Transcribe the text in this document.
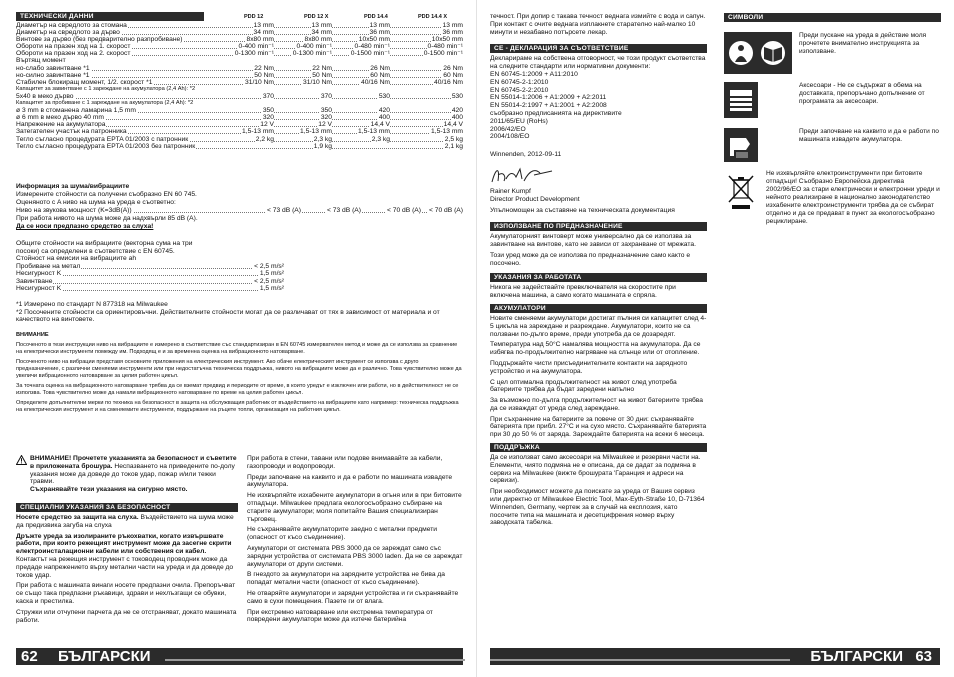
ТЕХНИЧЕСКИ ДАННИ	PDD 12	PDD 12 X	PDD 14.4	PDD 14.4 X
Диаметър на свредлото за стомана	13 mm	13 mm	13 mm	13 mm
Диаметър на свредлото за дърво	34 mm	34 mm	36 mm	36 mm
Винтове за дърво (без предварително разпробиване)	8x80 mm	8x80 mm	10x50 mm	10x50 mm
Обороти на празен ход на 1. скорост	0-400 min⁻¹	0-400 min⁻¹	0-480 min⁻¹	0-480 min⁻¹
Обороти на празен ход на 2. скорост	0-1300 min⁻¹	0-1300 min⁻¹	0-1500 min⁻¹	0-1500 min⁻¹
Въртящ момент
но-слабо завинтване *1	22 Nm	22 Nm	26 Nm	26 Nm
но-силно завинтване *1	50 Nm	50 Nm	60 Nm	60 Nm
Стабилен блокиращ момент, 1/2. скорост *1	31/10 Nm	31/10 Nm	40/16 Nm	40/16 Nm
Капацитет за завинтване с 1 зареждане на акумулатора (2,4 Ah): *2
5x40 в меко дърво	370	370	530	530
Капацитет за пробиване с 1 зареждане на акумулатора (2,4 Ah): *2
ø 3 mm в стоманена ламарина 1,5 mm	350	350	420	420
ø 6 mm в меко дърво 40 mm	320	320	400	400
Напрежение на акумулатора	12 V	12 V	14,4 V	14,4 V
Затегателен участък на патронника	1,5-13 mm	1,5-13 mm	1,5-13 mm	1,5-13 mm
Тегло съгласно процедурата EPTA 01/2003 с патронник	2,2 kg	2,3 kg	2,3 kg	2,5 kg
Тегло съгласно процедурата EPTA 01/2003 без патронник	1,9 kg	2,1 kg

Информация за шума/вибрациите

Измерените стойности са получени съобразно EN 60 745.
Оценяното с A ниво на шума на уреда е съответно:
Ниво на звукова мощност (K=3dB(A))	< 73 dB (A)	< 73 dB (A)	< 70 dB (A) < 70 dB (A)
При работа нивото на шума може да надхвърли 85 dB (A).
Да се носи предпазно средство за слуха!
Общите стойности на вибрациите (векторна сума на три
посоки) са определени в съответствие с EN 60745.
Стойност на емисии на вибрациите ah
Пробиване на метал	< 2,5 m/s²
Несигурност K	1,5 m/s²
Завинтване	< 2,5 m/s²
Несигурност K	1,5 m/s²
*1 Измерено по стандарт N 877318 на Milwaukee
*2 Посочените стойности са ориентировъчни. Действителните стойности могат да се различават от тях в зависимост от материала и от качеството на винтовете.
ВНИМАНИЕ

Посоченото в тези инструкции ниво на вибрациите е измерено в съответствие със стандартизиран в EN 60745 измервателен метод и може да се използва за сравнение на електрически инструменти помежду им. Подходящ е и за временна оценка на вибрационното натоварване.

Посоченото ниво на вибрации представя основните приложения на електрическия инструмент. Ако обаче електрическият инструмент се използва с друго предназначение, с различни сменяеми инструменти или при недостатъчна техническа поддръжка, нивото на вибрациите може да е различно. Това чувствително може да увеличи вибрационното натоварване за целия работен цикъл.

За точната оценка на вибрационното натоварване трябва да се вземат предвид и периодите от време, в които уредът е изключен или работи, но в действителност не се използва. Това чувствително може да намали вибрационното натоварване по време на целия работен цикъл.

Определете допълнителни мерки по техника на безопасност в защита на обслужващия работник от въздействието на вибрациите като например: техническа поддръжка на електрическия инструмент и на сменяемите инструменти, поддържане на ръцете топли, организация на работния цикъл.

ВНИМАНИЕ! Прочетете указанията за безопасност и съветите в приложената брошура. Неспазването на приведените по-долу указания може да доведе до токов удар, пожар и/или тежки травми.
Съхранявайте тези указания на сигурно място.
СПЕЦИАЛНИ УКАЗАНИЯ ЗА БЕЗОПАСНОСТ

Носете средство за защита на слуха. Въздействието на шума може да предизвика загуба на слуха

Дръжте уреда за изолираните ръкохватки, когато извършвате работи, при които режещият инструмент може да засегне скрити електроинсталационни кабели или собствения си кабел. Контактът на режещия инструмент с тоководещ проводник може да предаде напрежението върху метални части на уреда и да доведе до токов удар.

При работа с машината винаги носете предпазни очила. Препоръчват се също така предпазни ръкавици, здрави и нехлъзгащи се обувки, каска и престилка.

Стружки или отчупени парчета да не се отстраняват, докато машината работи.

При работа в стени, тавани или подове внимавайте за кабели, газопроводи и водопроводи.

Преди започване на каквито и да е работи по машината извадете акумулатора.

Не изхвърляйте изхабените акумулатори в огъня или в при битовите отпадъци. Milwaukee предлага екологосъобразно събиране на старите акумулатори; моля попитайте Вашия специализиран търговец.

Не съхранявайте акумулаторите заедно с метални предмети (опасност от късо съединение).

Акумулатори от системата PBS 3000 да се зареждат само със зарядни устройства от системата PBS 3000 laden. Да не се зареждат акумулатори от други системи.

В гнездото за акумулатори на зарядните устройства не бива да попадат метални части (опасност от късо съединение).

Не отваряйте акумулатори и зарядни устройства и ги съхранявайте само в сухи помещения. Пазете ги от влага.

При екстремно натоварване или екстремна температура от повредени акумулатори може да изтече батерийна

62 БЪЛГАРСКИ

течност. При допир с такава течност веднага измийте с вода и сапун. При контакт с очите веднага изплакнете старателно най-малко 10 минути и незабавно потърсете лекар.

СЕ - ДЕКЛАРАЦИЯ ЗА СЪОТВЕТСТВИЕ
Декларираме на собствена отговорност, че този продукт съответства на следните стандарти или нормативни документи:
EN 60745-1:2009 + A11:2010
EN 60745-2-1:2010
EN 60745-2-2:2010
EN 55014-1:2006 + A1:2009 + A2:2011
EN 55014-2:1997 + A1:2001 + A2:2008
съобразно предписанията на директивите
2011/65/EU (RoHs)
2006/42/EO
2004/108/EO
Winnenden, 2012-09-11
Rainer Kumpf
Director Product Development
Упълномощен за съставяне на техническата документация
ИЗПОЛЗВАНЕ ПО ПРЕДНАЗНАЧЕНИЕ

Акумулаторният винтоверт може универсално да се използва за завинтване на винтове, като не зависи от захранване от мрежата.

Този уред може да се използва по предназначение само както е посочено.

УКАЗАНИЯ ЗА РАБОТАТА

Никога не задействайте превключвателя на скоростите при включена машина, а само когато машината е спряла.

АКУМУЛАТОРИ

Новите сменяеми акумулатори достигат пълния си капацитет след 4-5 цикъла на зареждане и разреждане. Акумулатори, които не са ползвани по-дълго време, преди употреба да се дозаредят.

Температура над 50°C намалява мощността на акумулатора. Да се избягва по-продължително нагряване на слънце или от отопление.

Поддържайте чисти присъединителните контакти на зарядното устройство и на акумулатора.

С цел оптимална продължителност на живот след употреба батериите трябва да бъдат заредени напълно

За възможно по-дълга продължителност на живот батериите трябва да се изваждат от уреда след зареждане.

При съхранение на батериите за повече от 30 дни: съхранявайте батерията при прибл. 27°C и на сухо място. Съхранявайте батерията при 30 до 50 % от заряда. Зареждайте батерията на всеки 6 месеца.

ПОДДРЪЖКА

Да се използват само аксесоари на Milwaukee и резервни части на. Елементи, чиято подмяна не е описана, да се дадат за подмяна в сервиз на Milwaukee (вижте брошурата 'Гаранция и адреси на сервизи).

При необходимост можете да поискате за уреда от Вашия сервиз или директно от Milwaukee Electric Tool, Max-Eyth-Straße 10, D-71364 Winnenden, Germany, чертеж за в случай на експлозия, като посочите типа на машината и десетцифрения номер върху заводската табелка.

СИМВОЛИ
Преди пускане на уреда в действие моля прочетете внимателно инструкцията за използване.
Аксесоари - Не се съдържат в обема на доставката, препоръчано допълнение от програмата за аксесоари.
Преди започване на каквито и да е работи по машината извадете акумулатора.
Не изхвърляйте електроинструменти при битовите отпадъци! Съобразно Европейска директива 2002/96/EO за стари електрически и електронни уреди и нейното реализиране в национално законодателство изхабените електроинструменти трябва да се събират отделно и да се предават в пункт за екологосъобразно рециклиране.
63
БЪЛГАРСКИ
